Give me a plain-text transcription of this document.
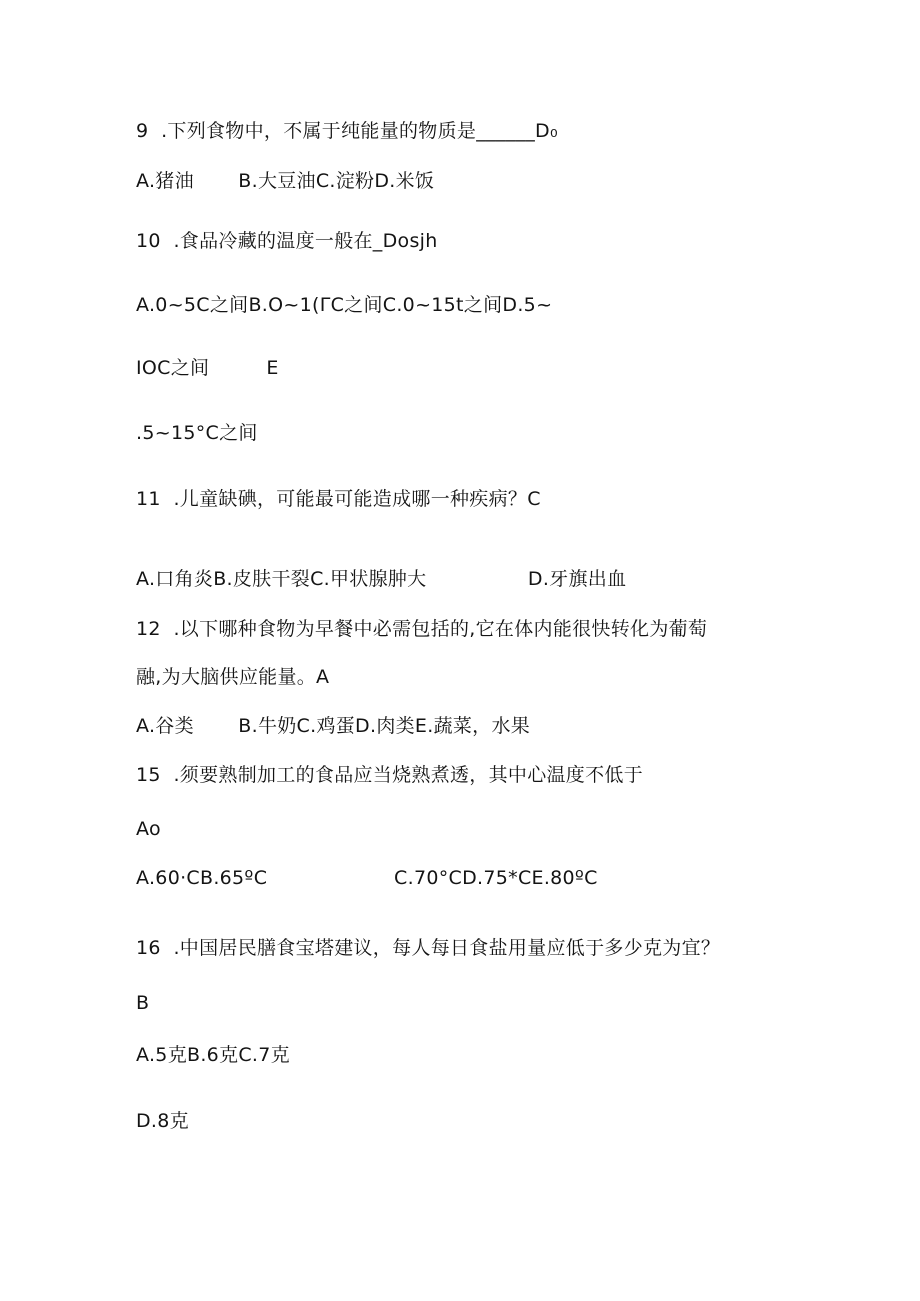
9  .下列食物中，不属于纯能量的物质是______D₀
A.猪油       B.大豆油C.淀粉D.米饭
10  .食品冷藏的温度一般在_Dosjh
A.0~5C之间B.O~1(ΓC之间C.0~15t之间D.5~
IOC之间         E
.5~15°C之间
11  .儿童缺碘，可能最可能造成哪一种疾病？C
A.口角炎B.皮肤干裂C.甲状腺肿大                D.牙旗出血
12  .以下哪种食物为早餐中必需包括的,它在体内能很快转化为葡萄
融,为大脑供应能量。A
A.谷类       B.牛奶C.鸡蛋D.肉类E.蔬菜，水果
15  .须要熟制加工的食品应当烧熟煮透，其中心温度不低于
Ao
A.60·CB.65ºC                    C.70°CD.75*CE.80ºC
16  .中国居民膳食宝塔建议，每人每日食盐用量应低于多少克为宜？
B
A.5克B.6克C.7克
D.8克
